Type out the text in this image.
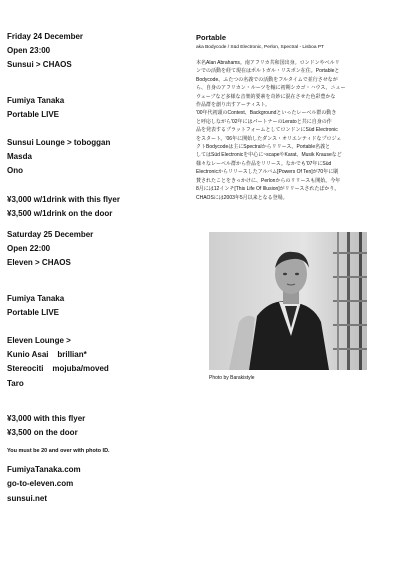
Friday 24 December
Open 23:00
Sunsui > CHAOS
Fumiya Tanaka
Portable LIVE
Sunsui Lounge > toboggan
Masda
Ono
¥3,000 w/1drink with this flyer
¥3,500 w/1drink on the door
Saturday 25 December
Open 22:00
Eleven > CHAOS
Fumiya Tanaka
Portable LIVE
Eleven Lounge >
Kunio Asai    brillian*
Stereociti    mojuba/moved
Taro
¥3,000 with this flyer
¥3,500 on the door
You must be 20 and over with photo ID.
FumiyaTanaka.com
go-to-eleven.com
sunsui.net
Portable
aka Bodycode / Süd Electronic, Perlon, Spectral - Lisboa PT

本名Alan Abrahams。南アフリカ共和国出身。ロンドンやベルリ

ンでの活動を経て現在はポルトガル・リスボン在住。Portableと

Bodycode、ふたつの名義での活動をフルタイムで並行させなが

ら、自身のアフリカン・ルーツを軸に初期シカゴ・ハウス、ニュー

ウェーブなど多様な音楽的要素を奇妙に混在させた色彩豊かな

作品群を創り出すアーティスト。

'00年代初頭のContext、Backgroundといったレーベル群の動き

と呼応しながら'02年にはパートナーのLeratoと共に自身の作

品を発表するプラットフォームとしてロンドンにSüd Electronic

をスタート。'06年に開始したダンス・オリエンティドなプロジェ

クトBodycodeは主にSpectralからリリース。Portable名義と

してはSüd Electronicを中心に~scapeやKarat、Musik Krauseなど

様々なレーベル群から作品をリリース。なかでも'07年にSüd

Electronicからリリースしたアルバム[Powers Of Ten]が70年に刷

賛されたことをきっかけに、Perlonからのリリースも開始。今年

8月には12インチ[This Life Of Illusion]がリリースされたばかり。

CHAOSには2003年5月以来となる登場。

Photo by Barakistyle
